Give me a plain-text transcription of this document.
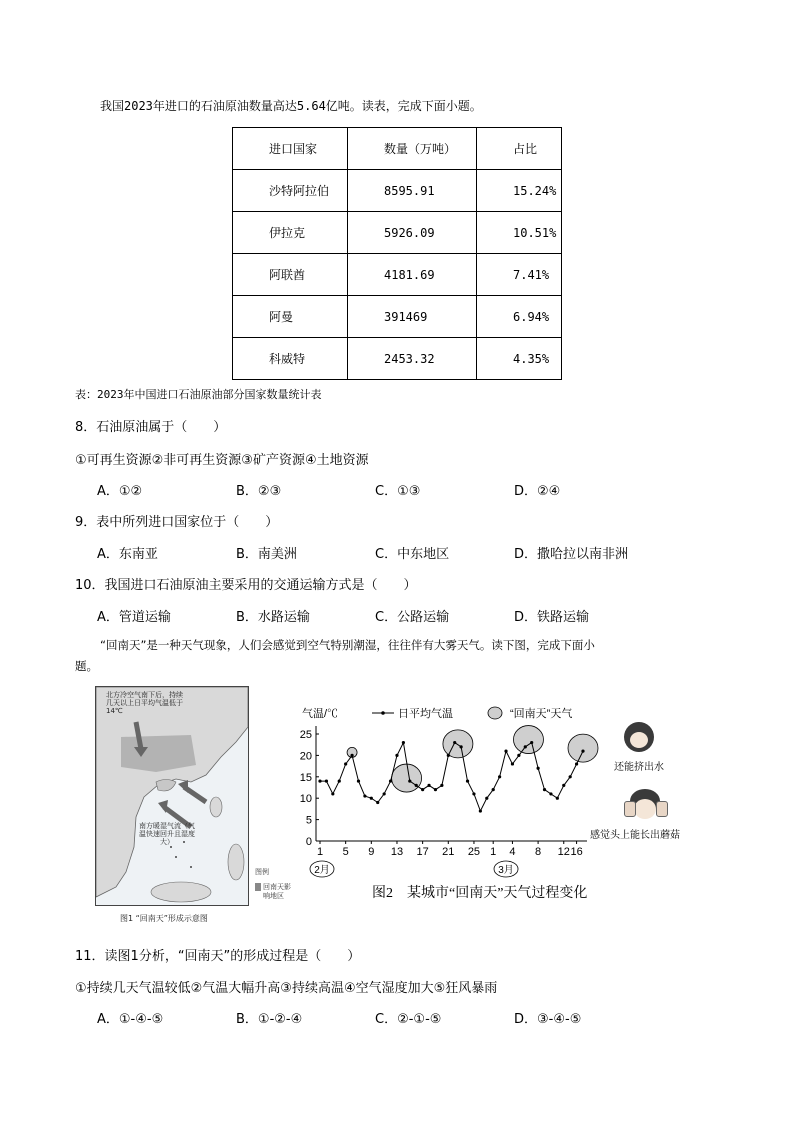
我国2023年进口的石油原油数量高达5.64亿吨。读表，完成下面小题。
进口国家	数量（万吨）	占比
沙特阿拉伯	8595.91	15.24%
伊拉克	5926.09	10.51%
阿联酋	4181.69	7.41%
阿曼	391469	6.94%
科威特	2453.32	4.35%
表：2023年中国进口石油原油部分国家数量统计表
8．石油原油属于（　　）
①可再生资源②非可再生资源③矿产资源④土地资源
A．①②	B．②③	C．①③	D．②④
9．表中所列进口国家位于（　　）
A．东南亚	B．南美洲	C．中东地区	D．撒哈拉以南非洲
10．我国进口石油原油主要采用的交通运输方式是（　　）
A．管道运输	B．水路运输	C．公路运输	D．铁路运输
“回南天”是一种天气现象，人们会感觉到空气特别潮湿，往往伴有大雾天气。读下图，完成下面小
题。
北方冷空气南下后，持续几天以上日平均气温低于14℃
南方暖湿气流（气温快速回升且湿度大）
图1 “回南天”形成示意图
图例
回南天影响地区
气温/℃	日平均气温	“回南天”天气
0
5
10
15
20
25
1 5 9 13 17 21 25 1 4 8 12 16
2月	3月
图2　某城市“回南天”天气过程变化
还能挤出水
感觉头上能长出蘑菇
11．读图1分析，“回南天”的形成过程是（　　）
①持续几天气温较低②气温大幅升高③持续高温④空气湿度加大⑤狂风暴雨
A．①-④-⑤	B．①-②-④	C．②-①-⑤	D．③-④-⑤
